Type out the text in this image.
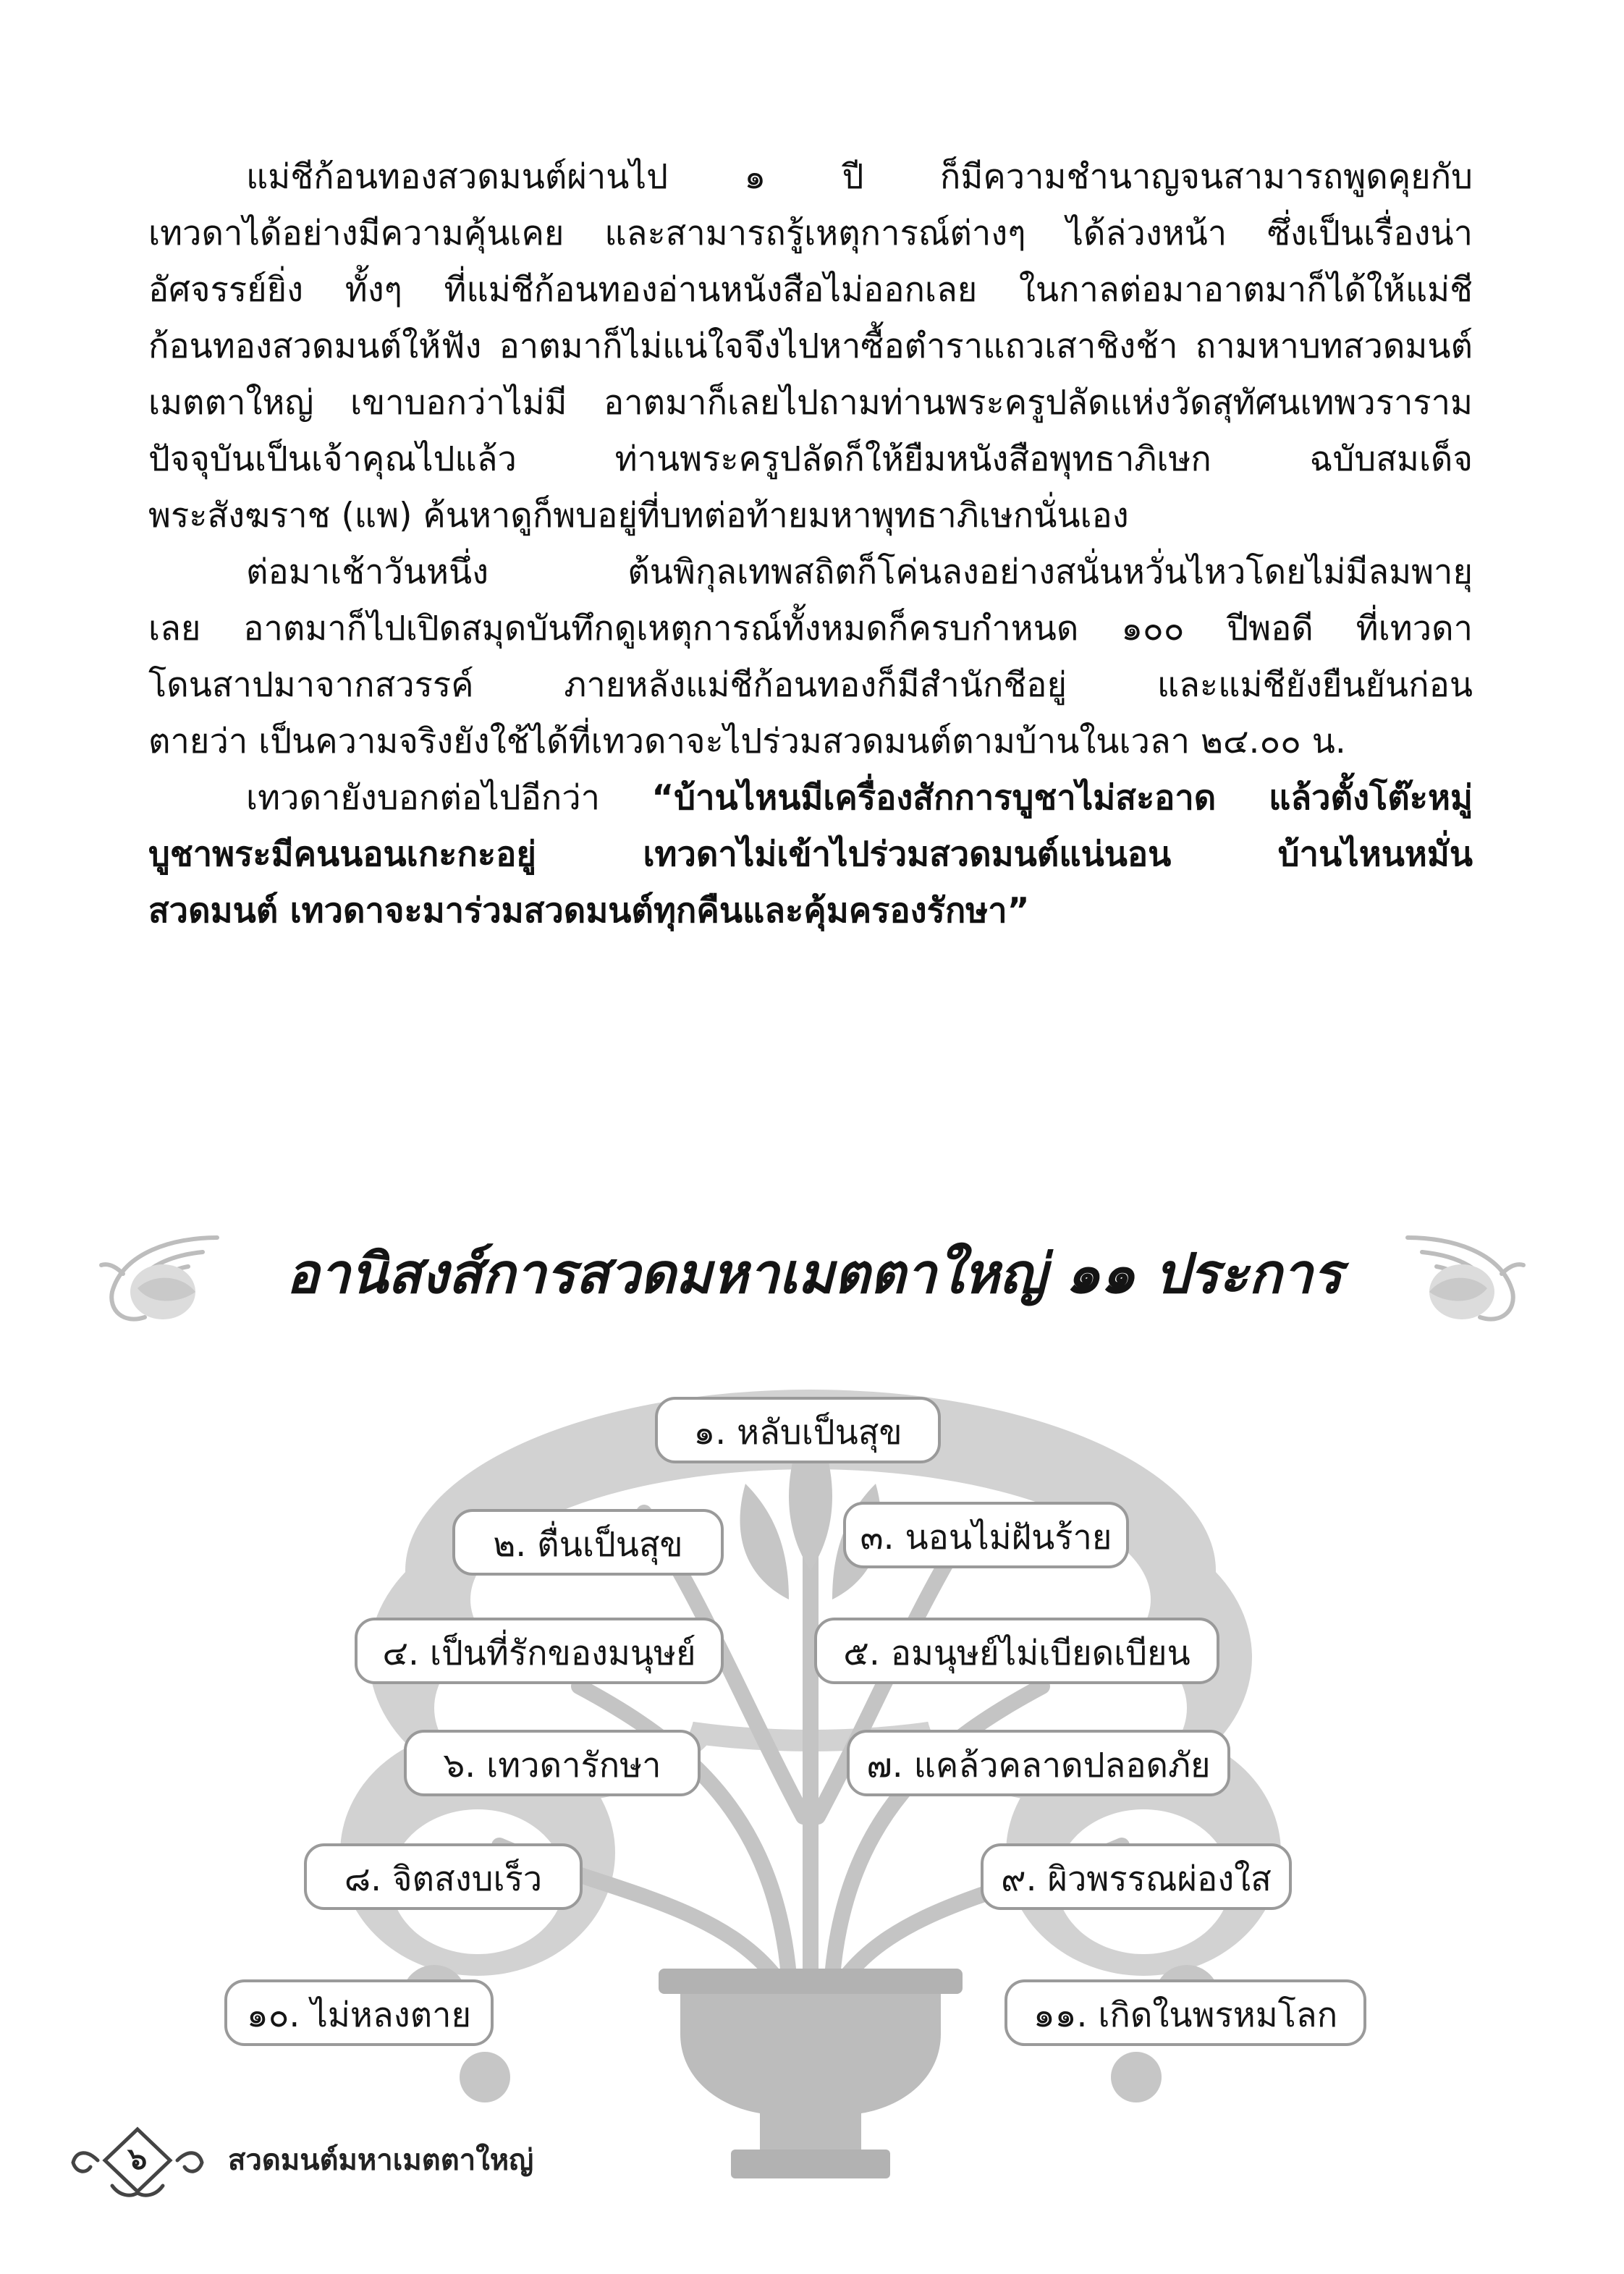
แม่ชีก้อนทองสวดมนต์ผ่านไป ๑ ปี ก็มีความชำนาญจนสามารถพูดคุยกับ
เทวดาได้อย่างมีความคุ้นเคย และสามารถรู้เหตุการณ์ต่างๆ ได้ล่วงหน้า ซึ่งเป็นเรื่องน่า
อัศจรรย์ยิ่ง ทั้งๆ ที่แม่ชีก้อนทองอ่านหนังสือไม่ออกเลย ในกาลต่อมาอาตมาก็ได้ให้แม่ชี
ก้อนทองสวดมนต์ให้ฟัง อาตมาก็ไม่แน่ใจจึงไปหาซื้อตำราแถวเสาชิงช้า ถามหาบทสวดมนต์
เมตตาใหญ่ เขาบอกว่าไม่มี อาตมาก็เลยไปถามท่านพระครูปลัดแห่งวัดสุทัศนเทพวราราม
ปัจจุบันเป็นเจ้าคุณไปแล้ว ท่านพระครูปลัดก็ให้ยืมหนังสือพุทธาภิเษก ฉบับสมเด็จ
พระสังฆราช (แพ) ค้นหาดูก็พบอยู่ที่บทต่อท้ายมหาพุทธาภิเษกนั่นเอง
ต่อมาเช้าวันหนึ่ง ต้นพิกุลเทพสถิตก็โค่นลงอย่างสนั่นหวั่นไหวโดยไม่มีลมพายุ
เลย อาตมาก็ไปเปิดสมุดบันทึกดูเหตุการณ์ทั้งหมดก็ครบกำหนด ๑๐๐ ปีพอดี ที่เทวดา
โดนสาปมาจากสวรรค์ ภายหลังแม่ชีก้อนทองก็มีสำนักชีอยู่ และแม่ชียังยืนยันก่อน
ตายว่า เป็นความจริงยังใช้ได้ที่เทวดาจะไปร่วมสวดมนต์ตามบ้านในเวลา ๒๔.๐๐ น.
เทวดายังบอกต่อไปอีกว่า “บ้านไหนมีเครื่องสักการบูชาไม่สะอาด แล้วตั้งโต๊ะหมู่
บูชาพระมีคนนอนเกะกะอยู่ เทวดาไม่เข้าไปร่วมสวดมนต์แน่นอน บ้านไหนหมั่น
สวดมนต์ เทวดาจะมาร่วมสวดมนต์ทุกคืนและคุ้มครองรักษา”
อานิสงส์การสวดมหาเมตตาใหญ่ ๑๑ ประการ
๑. หลับเป็นสุข
๒. ตื่นเป็นสุข	๓. นอนไม่ฝันร้าย
๔. เป็นที่รักของมนุษย์	๕. อมนุษย์ไม่เบียดเบียน
๖. เทวดารักษา	๗. แคล้วคลาดปลอดภัย
๘. จิตสงบเร็ว	๙. ผิวพรรณผ่องใส
๑๐. ไม่หลงตาย	๑๑. เกิดในพรหมโลก
๖	สวดมนต์มหาเมตตาใหญ่
